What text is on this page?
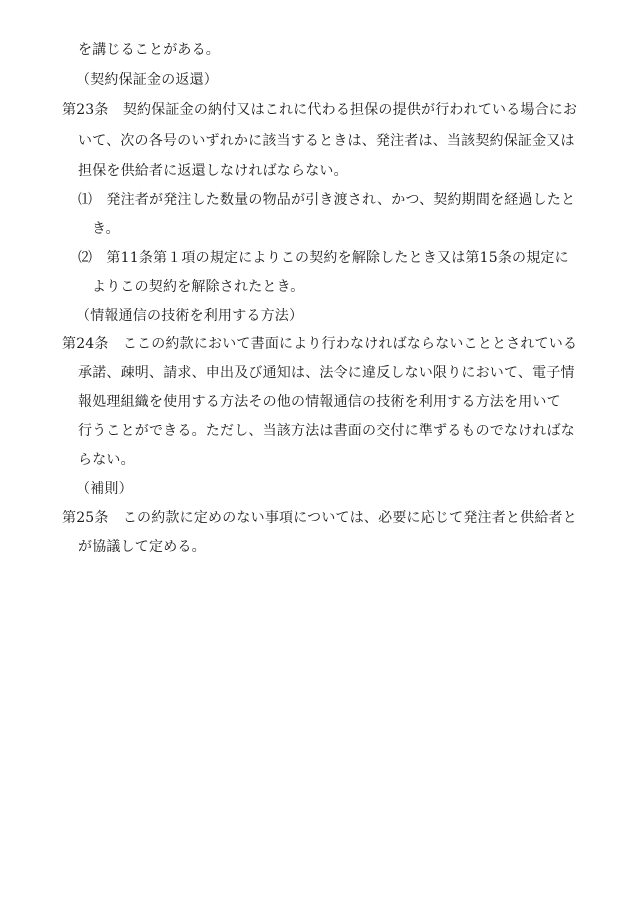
を講じることがある。
（契約保証金の返還）
第23条　契約保証金の納付又はこれに代わる担保の提供が行われている場合にお
いて、次の各号のいずれかに該当するときは、発注者は、当該契約保証金又は
担保を供給者に返還しなければならない。
⑴　発注者が発注した数量の物品が引き渡され、かつ、契約期間を経過したと
き。
⑵　第11条第１項の規定によりこの契約を解除したとき又は第15条の規定に
よりこの契約を解除されたとき。
（情報通信の技術を利用する方法）
第24条　ここの約款において書面により行わなければならないこととされている
承諾、疎明、請求、申出及び通知は、法令に違反しない限りにおいて、電子情
報処理組織を使用する方法その他の情報通信の技術を利用する方法を用いて
行うことができる。ただし、当該方法は書面の交付に準ずるものでなければな
らない。
（補則）
第25条　この約款に定めのない事項については、必要に応じて発注者と供給者と
が協議して定める。
